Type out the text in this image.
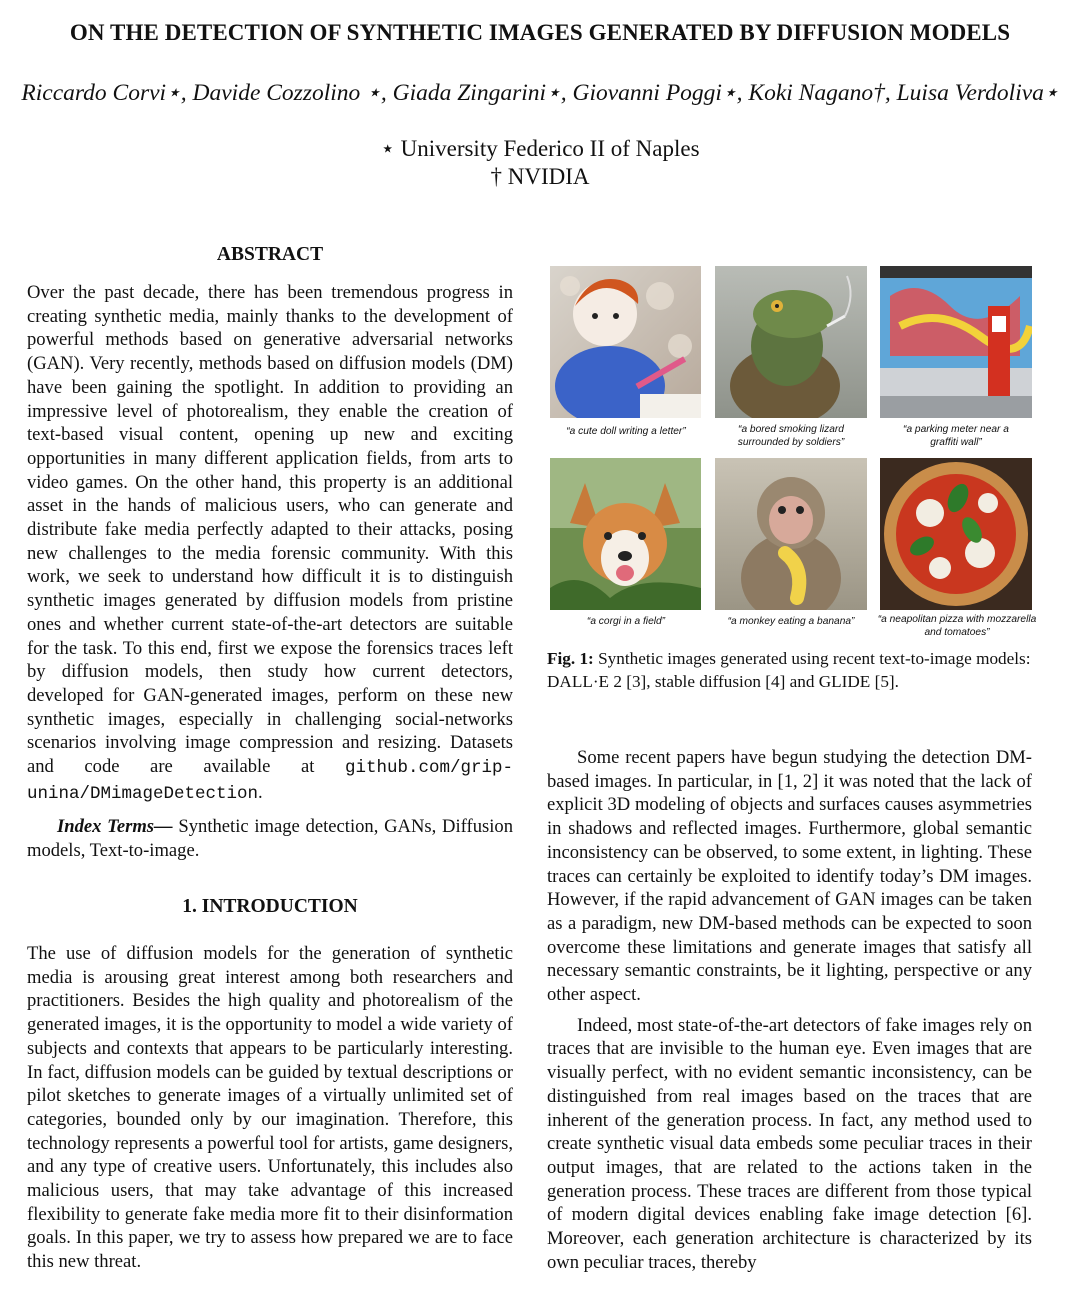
ON THE DETECTION OF SYNTHETIC IMAGES GENERATED BY DIFFUSION MODELS
Riccardo Corvi⋆, Davide Cozzolino ⋆, Giada Zingarini⋆, Giovanni Poggi⋆, Koki Nagano†, Luisa Verdoliva⋆
⋆ University Federico II of Naples
† NVIDIA
ABSTRACT

Over the past decade, there has been tremendous progress in creating synthetic media, mainly thanks to the development of powerful methods based on generative adversarial networks (GAN). Very recently, methods based on diffusion models (DM) have been gaining the spotlight. In addition to providing an impressive level of photorealism, they enable the creation of text-based visual content, opening up new and exciting opportunities in many different application fields, from arts to video games. On the other hand, this property is an additional asset in the hands of malicious users, who can generate and distribute fake media perfectly adapted to their attacks, posing new challenges to the media forensic community. With this work, we seek to understand how difficult it is to distinguish synthetic images generated by diffusion models from pristine ones and whether current state-of-the-art detectors are suitable for the task. To this end, first we expose the forensics traces left by diffusion models, then study how current detectors, developed for GAN-generated images, perform on these new synthetic images, especially in challenging social-networks scenarios involving image compression and resizing. Datasets and code are available at github.com/grip-unina/DMimageDetection.

Index Terms— Synthetic image detection, GANs, Diffusion models, Text-to-image.

1. INTRODUCTION

The use of diffusion models for the generation of synthetic media is arousing great interest among both researchers and practitioners. Besides the high quality and photorealism of the generated images, it is the opportunity to model a wide variety of subjects and contexts that appears to be particularly interesting. In fact, diffusion models can be guided by textual descriptions or pilot sketches to generate images of a virtually unlimited set of categories, bounded only by our imagination. Therefore, this technology represents a powerful tool for artists, game designers, and any type of creative users. Unfortunately, this includes also malicious users, that may take advantage of this increased flexibility to generate fake media more fit to their disinformation goals. In this paper, we try to assess how prepared we are to face this new threat.

“a cute doll writing a letter”	“a bored smoking lizard surrounded by soldiers”
“a parking meter near a graffiti wall”
“a corgi in a field”	“a monkey eating a banana”	“a neapolitan pizza with mozzarella and tomatoes”
Fig. 1: Synthetic images generated using recent text-to-image models: DALL·E 2 [3], stable diffusion [4] and GLIDE [5].

Some recent papers have begun studying the detection DM-based images. In particular, in [1, 2] it was noted that the lack of explicit 3D modeling of objects and surfaces causes asymmetries in shadows and reflected images. Furthermore, global semantic inconsistency can be observed, to some extent, in lighting. These traces can certainly be exploited to identify today’s DM images. However, if the rapid advancement of GAN images can be taken as a paradigm, new DM-based methods can be expected to soon overcome these limitations and generate images that satisfy all necessary semantic constraints, be it lighting, perspective or any other aspect.

Indeed, most state-of-the-art detectors of fake images rely on traces that are invisible to the human eye. Even images that are visually perfect, with no evident semantic inconsistency, can be distinguished from real images based on the traces that are inherent of the generation process. In fact, any method used to create synthetic visual data embeds some peculiar traces in their output images, that are related to the actions taken in the generation process. These traces are different from those typical of modern digital devices enabling fake image detection [6]. Moreover, each generation architecture is characterized by its own peculiar traces, thereby
